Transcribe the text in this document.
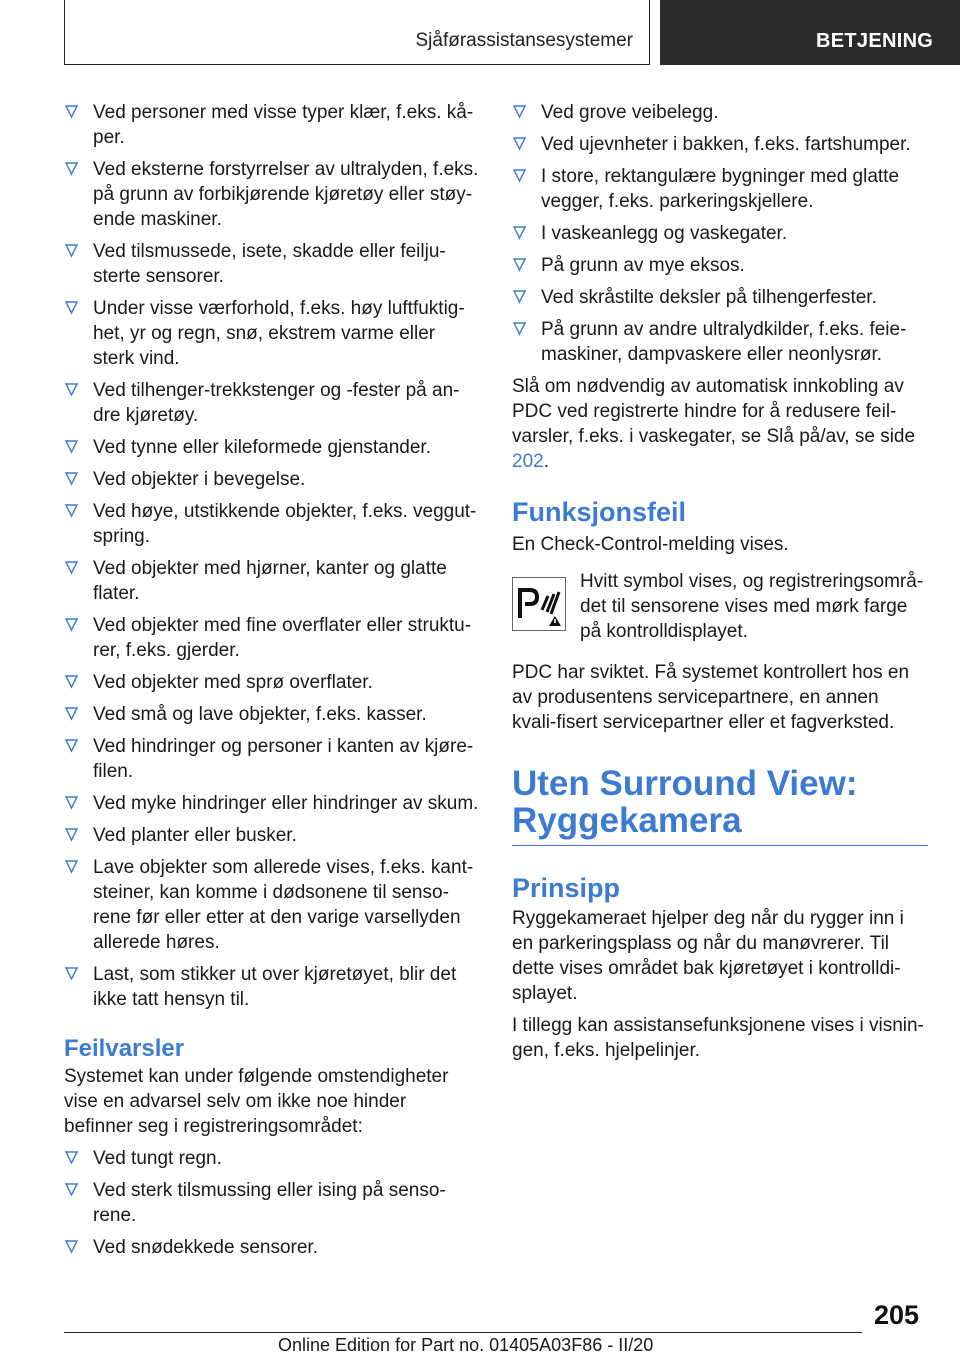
Sjåførassistansesystemer	BETJENING
Ved personer med visse typer klær, f.eks. kå-per.
Ved eksterne forstyrrelser av ultralyden, f.eks. på grunn av forbikjørende kjøretøy eller støy-ende maskiner.
Ved tilsmussede, isete, skadde eller feilju-sterte sensorer.
Under visse værforhold, f.eks. høy luftfuktig-het, yr og regn, snø, ekstrem varme eller sterk vind.
Ved tilhenger-trekkstenger og -fester på an-dre kjøretøy.
Ved tynne eller kileformede gjenstander.
Ved objekter i bevegelse.
Ved høye, utstikkende objekter, f.eks. veggut-spring.
Ved objekter med hjørner, kanter og glatte flater.
Ved objekter med fine overflater eller struktu-rer, f.eks. gjerder.
Ved objekter med sprø overflater.
Ved små og lave objekter, f.eks. kasser.
Ved hindringer og personer i kanten av kjøre-filen.
Ved myke hindringer eller hindringer av skum.
Ved planter eller busker.
Lave objekter som allerede vises, f.eks. kant-steiner, kan komme i dødsonene til senso-rene før eller etter at den varige varsellyden allerede høres.
Last, som stikker ut over kjøretøyet, blir det ikke tatt hensyn til.
Feilvarsler

Systemet kan under følgende omstendigheter vise en advarsel selv om ikke noe hinder befinner seg i registreringsområdet:

Ved tungt regn.
Ved sterk tilsmussing eller ising på senso-rene.
Ved snødekkede sensorer.
Ved grove veibelegg.
Ved ujevnheter i bakken, f.eks. fartshumper.
I store, rektangulære bygninger med glatte vegger, f.eks. parkeringskjellere.
I vaskeanlegg og vaskegater.
På grunn av mye eksos.
Ved skråstilte deksler på tilhengerfester.
På grunn av andre ultralydkilder, f.eks. feie-maskiner, dampvaskere eller neonlysrør.

Slå om nødvendig av automatisk innkobling av PDC ved registrerte hindre for å redusere feil-varsler, f.eks. i vaskegater, se Slå på/av, se side 202.

Funksjonsfeil

En Check-Control-melding vises.

Hvitt symbol vises, og registreringsområ-det til sensorene vises med mørk farge på kontrolldisplayet.

PDC har sviktet. Få systemet kontrollert hos en av produsentens servicepartnere, en annen kvali-fisert servicepartner eller et fagverksted.

Uten Surround View: Ryggekamera
Prinsipp

Ryggekameraet hjelper deg når du rygger inn i en parkeringsplass og når du manøvrerer. Til dette vises området bak kjøretøyet i kontrolldi-splayet.

I tillegg kan assistansefunksjonene vises i visnin-gen, f.eks. hjelpelinjer.

205
Online Edition for Part no. 01405A03F86 - II/20
